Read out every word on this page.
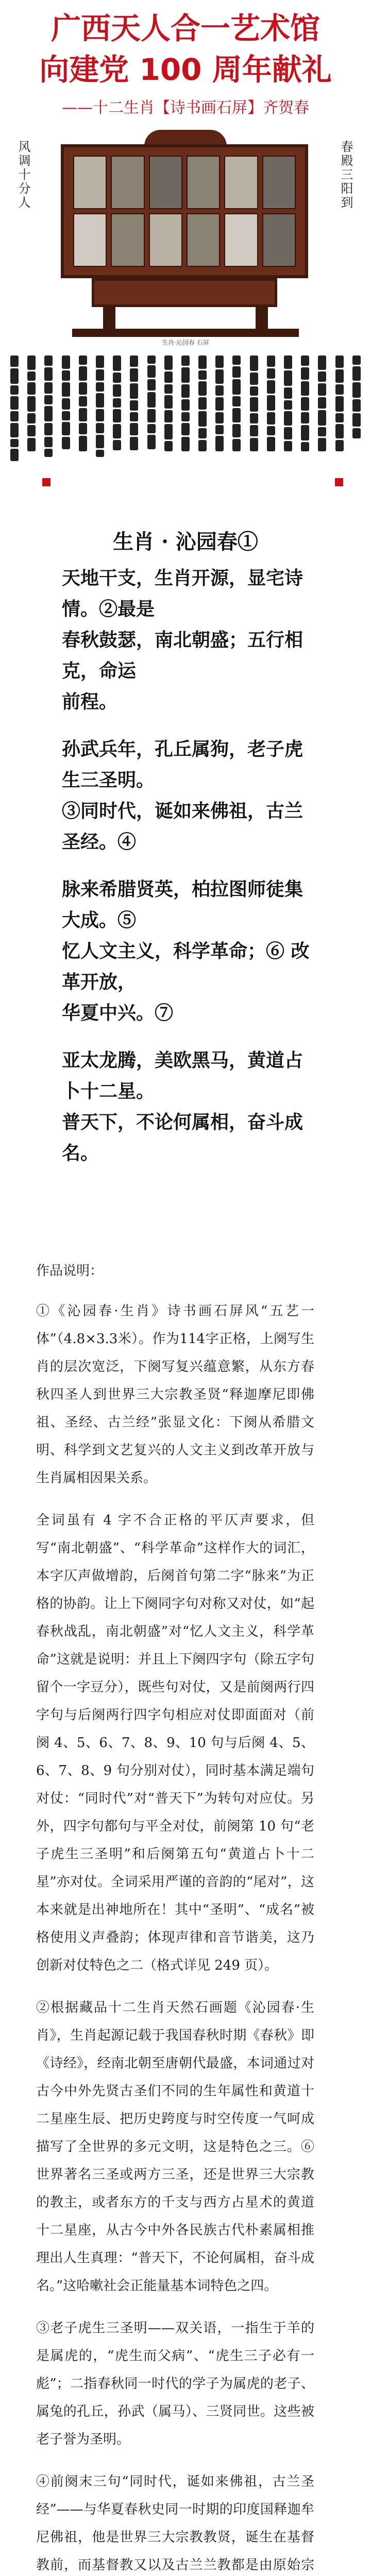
广西天人合一艺术馆
向建党 100 周年献礼
——十二生肖【诗书画石屏】齐贺春
风调十分人	春殿三阳到
生肖·沁园春 石屏
生肖 · 沁园春①

天地干支，生肖开源，显宅诗情。②最是
春秋鼓瑟，南北朝盛；五行相克，命运
前程。

孙武兵年，孔丘属狗，老子虎生三圣明。
③同时代，诞如来佛祖，古兰圣经。④

脉来希腊贤英，柏拉图师徒集大成。⑤
忆人文主义，科学革命；⑥ 改革开放，
华夏中兴。⑦

亚太龙腾，美欧黑马，黄道占卜十二星。
普天下，不论何属相，奋斗成名。

作品说明：

①《沁园春·生肖》诗书画石屏风“五艺一体”（4.8×3.3米）。作为114字正格，上阕写生肖的层次宽泛，下阕写复兴蕴意繁，从东方春秋四圣人到世界三大宗教圣贤“释迦摩尼即佛祖、圣经、古兰经”张显文化：下阕从希腊文明、科学到文艺复兴的人文主义到改革开放与生肖属相因果关系。

全词虽有 4 字不合正格的平仄声要求，但写“南北朝盛”、“科学革命”这样作大的词汇，本字仄声做增韵，后阕首句第二字“脉来”为正格的协韵。让上下阕同字句对称又对仗，如“起春秋战乱，南北朝盛”对“忆人文主义，科学革命”这就是说明：并且上下阕四字句（除五字句留个一字豆分），既些句对仗，又是前阕两行四字句与后阕两行四字句相应对仗即面面对（前阕 4、5、6、7、8、9、10 句与后阕 4、5、6、7、8、9 句分别对仗），同时基本满足端句对仗：“同时代”对“普天下”为转句对应仗。另外，四字句都句与平全对仗，前阕第 10 句“老子虎生三圣明”和后阕第五句“黄道占卜十二星”亦对仗。全词采用严谨的音韵的“尾对”，这本来就是出神地所在！其中“圣明”、“成名”被格使用义声叠韵；体现声律和音节谐美，这乃创新对仗特色之二（格式详见 249 页）。

②根据藏品十二生肖天然石画题《沁园春·生肖》，生肖起源记载于我国春秋时期《春秋》即《诗经》，经南北朝至唐朝代最盛，本词通过对古今中外先贤古圣们不同的生年属性和黄道十二星座生辰、把历史跨度与时空传度一气呵成描写了全世界的多元文明，这是特色之三。⑥世界著名三圣或两方三圣，还是世界三大宗教的教主，或者东方的千支与西方占星术的黄道十二星座，从古今中外各民族古代朴素属相推理出人生真理：“普天下，不论何属相，奋斗成名。”这哈嗽社会正能量基本词特色之四。

③老子虎生三圣明——双关语，一指生于羊的是属虎的，“虎生而父病”、“虎生三子必有一彪”；二指春秋同一时代的学子为属虎的老子、属兔的孔丘，孙武（属马）、三贤同世。这些被老子誉为圣明。

④前阕末三句“同时代，诞如来佛祖，古兰圣经”——与华夏春秋史同一时期的印度国释迦牟尼佛祖，他是世界三大宗教教贤，诞生在基督教前，而基督教又以及古兰兰教都是由原始宗
